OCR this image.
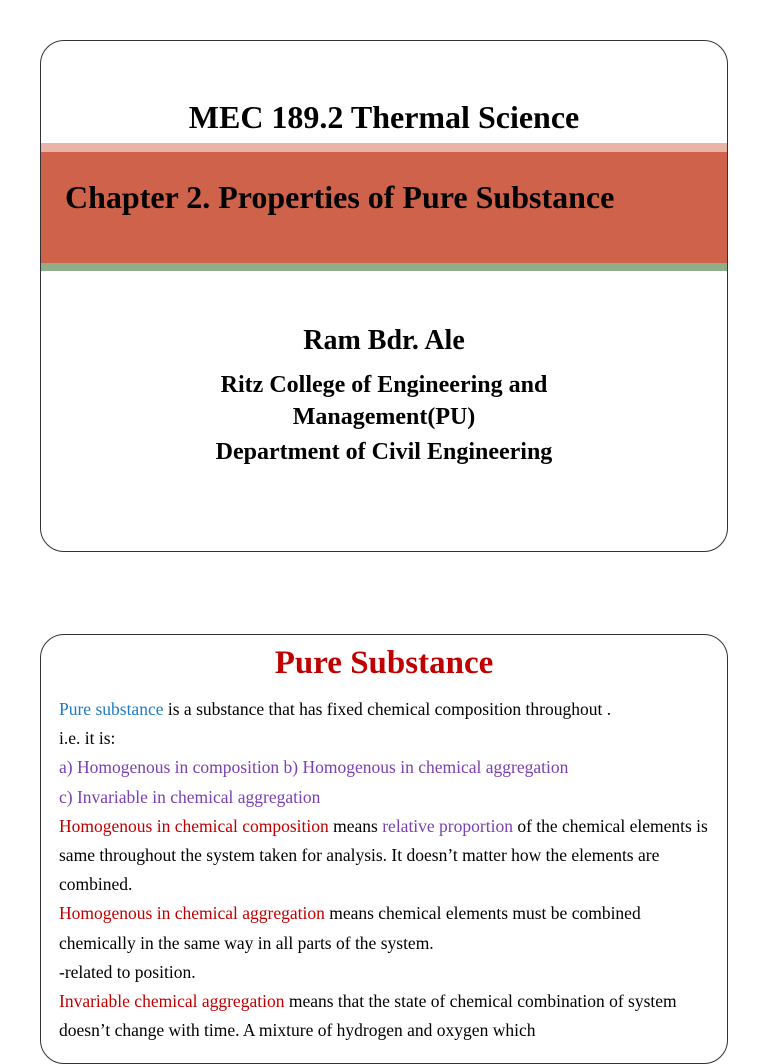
MEC 189.2 Thermal Science
Chapter 2. Properties of Pure Substance
Ram Bdr. Ale
Ritz College of Engineering and
Management(PU)
Department of Civil Engineering
Pure Substance

Pure substance is a substance that has fixed chemical composition throughout .

i.e. it is:

a) Homogenous in composition b) Homogenous in chemical aggregation

c) Invariable in chemical aggregation

Homogenous in chemical composition means relative proportion of the chemical elements is same throughout the system taken for analysis. It doesn’t matter how the elements are combined.

Homogenous in chemical aggregation means chemical elements must be combined chemically in the same way in all parts of the system.

-related to position.

Invariable chemical aggregation means that the state of chemical combination of system doesn’t change with time. A mixture of hydrogen and oxygen which
